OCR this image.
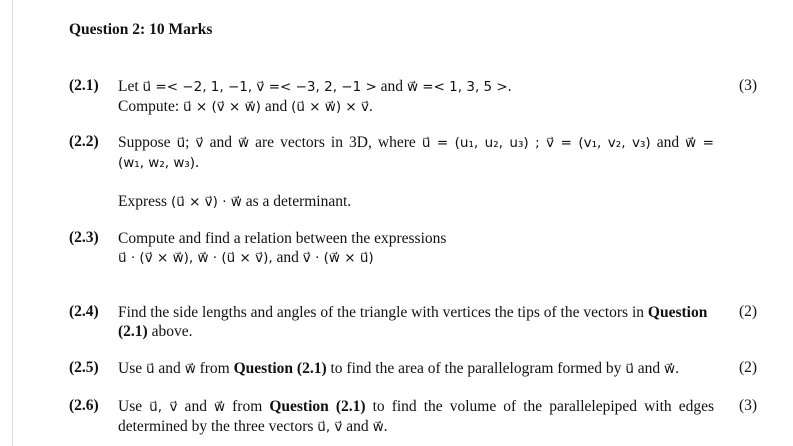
Question 2: 10 Marks
(2.1) Let u⃗ =< −2, 1, −1, v⃗ =< −3, 2, −1 > and w⃗ =< 1, 3, 5 >.
Compute: u⃗ × (v⃗ × w⃗) and (u⃗ × w⃗) × v⃗.
(3)
(2.2) Suppose u⃗; v⃗ and w⃗ are vectors in 3D, where u⃗ = (u₁, u₂, u₃) ; v⃗ = (v₁, v₂, v₃) and w⃗ =
(w₁, w₂, w₃).
Express (u⃗ × v⃗) · w⃗ as a determinant.
(2.3) Compute and find a relation between the expressions
u⃗ · (v⃗ × w⃗), w⃗ · (u⃗ × v⃗), and v⃗ · (w⃗ × u⃗)
(2.4) Find the side lengths and angles of the triangle with vertices the tips of the vectors in Question
(2.1) above.
(2)
(2.5) Use u⃗ and w⃗ from Question (2.1) to find the area of the parallelogram formed by u⃗ and w⃗.	(2)
(2.6) Use u⃗, v⃗ and w⃗ from Question (2.1) to find the volume of the parallelepiped with edges
determined by the three vectors u⃗, v⃗ and w⃗.
(3)
